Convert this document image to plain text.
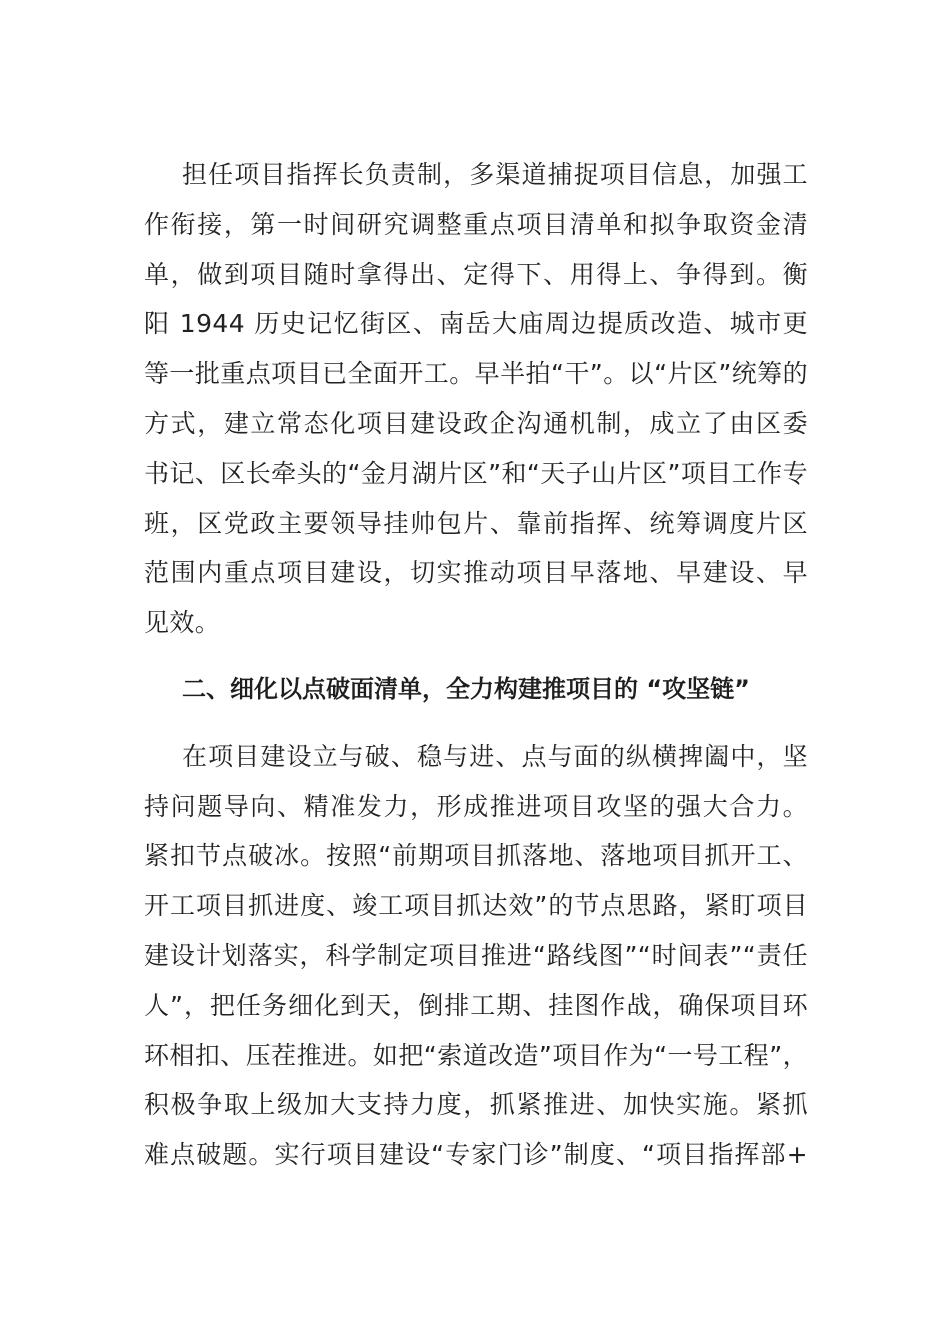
担任项目指挥长负责制，多渠道捕捉项目信息，加强工
作衔接，第一时间研究调整重点项目清单和拟争取资金清
单，做到项目随时拿得出、定得下、用得上、争得到。衡
阳 1944 历史记忆街区、南岳大庙周边提质改造、城市更
等一批重点项目已全面开工。早半拍“干”。以“片区”统筹的
方式，建立常态化项目建设政企沟通机制，成立了由区委
书记、区长牵头的“金月湖片区”和“天子山片区”项目工作专
班，区党政主要领导挂帅包片、靠前指挥、统筹调度片区
范围内重点项目建设，切实推动项目早落地、早建设、早
见效。
二、细化以点破面清单，全力构建推项目的 “攻坚链”
在项目建设立与破、稳与进、点与面的纵横捭阖中，坚
持问题导向、精准发力，形成推进项目攻坚的强大合力。
紧扣节点破冰。按照“前期项目抓落地、落地项目抓开工、
开工项目抓进度、竣工项目抓达效”的节点思路，紧盯项目
建设计划落实，科学制定项目推进“路线图”“时间表”“责任
人”，把任务细化到天，倒排工期、挂图作战，确保项目环
环相扣、压茬推进。如把“索道改造”项目作为“一号工程”，
积极争取上级加大支持力度，抓紧推进、加快实施。紧抓
难点破题。实行项目建设“专家门诊”制度、“项目指挥部+
